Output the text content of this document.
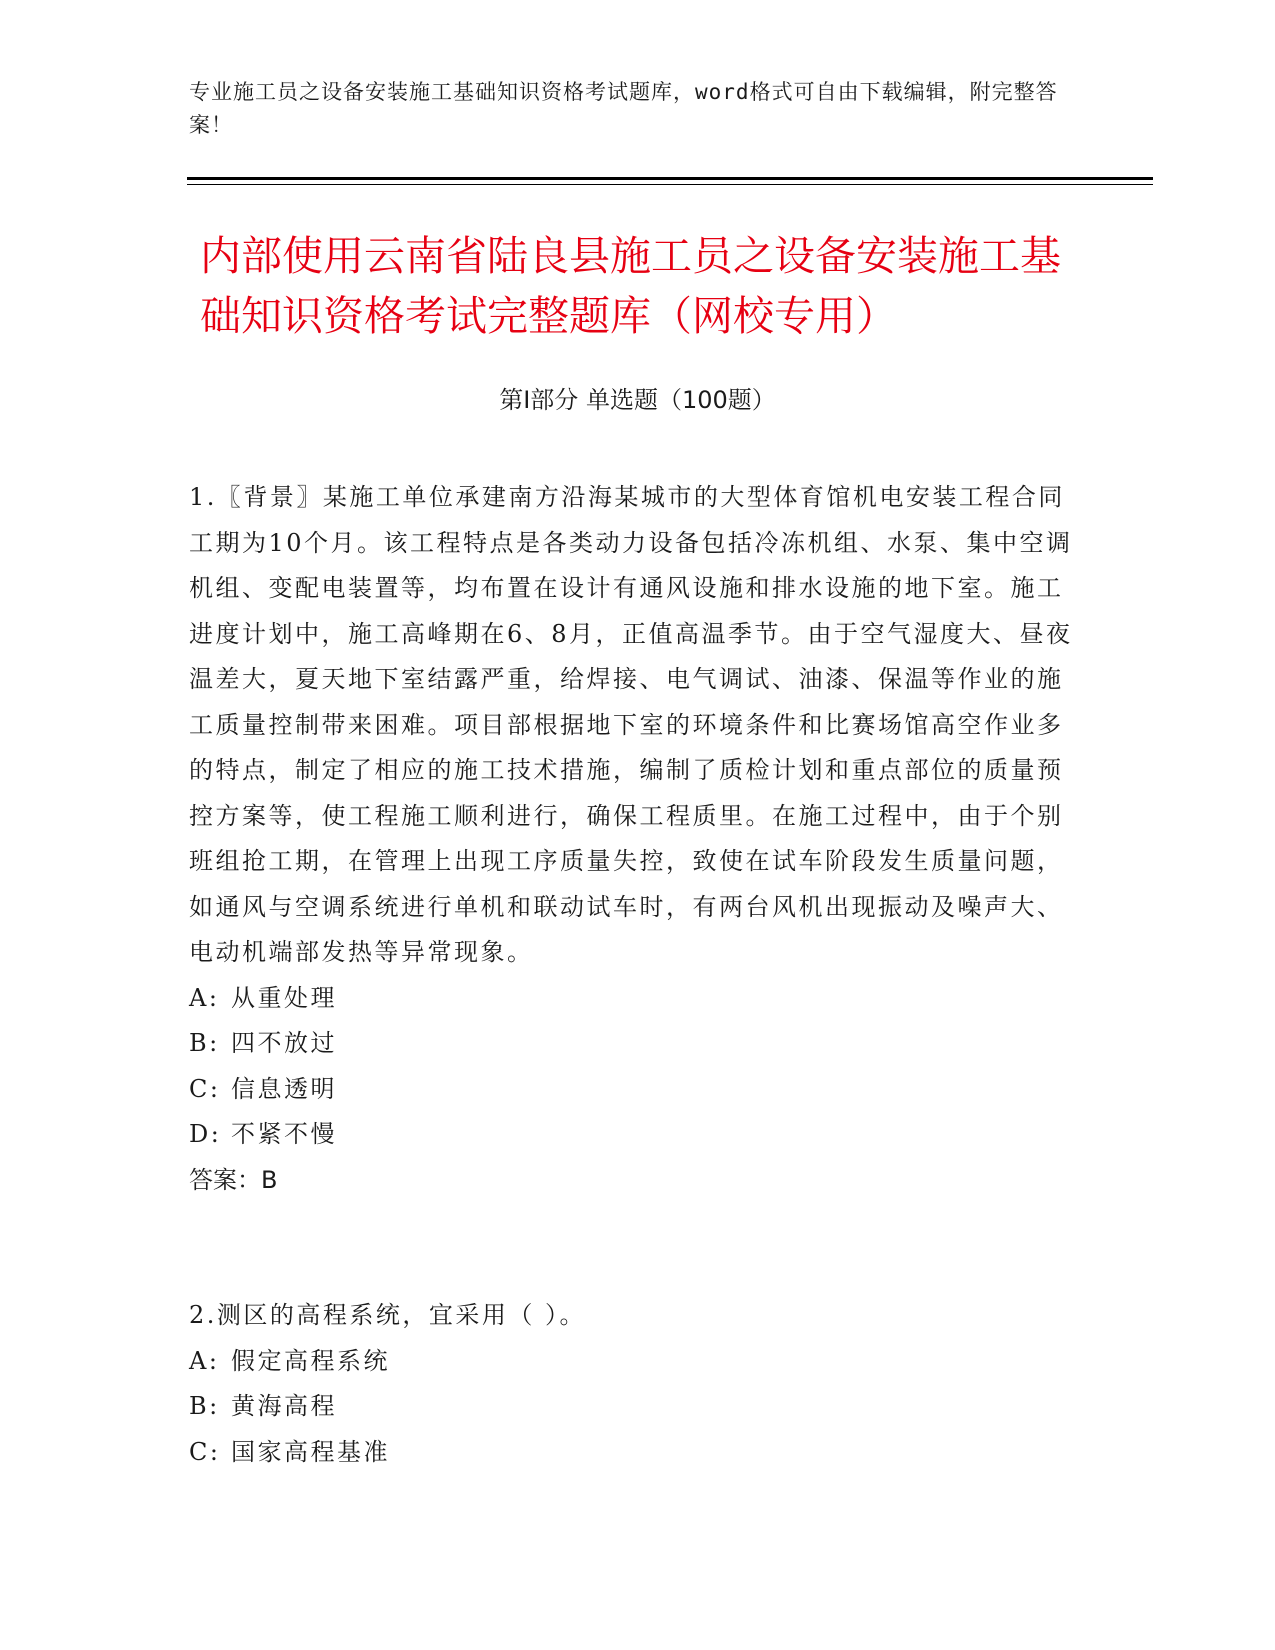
专业施工员之设备安装施工基础知识资格考试题库，word格式可自由下载编辑，附完整答案！
内部使用云南省陆良县施工员之设备安装施工基础知识资格考试完整题库（网校专用）
第Ⅰ部分 单选题（100题）

1.〖背景〗某施工单位承建南方沿海某城市的大型体育馆机电安装工程合同工期为10个月。该工程特点是各类动力设备包括冷冻机组、水泵、集中空调机组、变配电装置等，均布置在设计有通风设施和排水设施的地下室。施工进度计划中，施工高峰期在6、8月，正值高温季节。由于空气湿度大、昼夜温差大，夏天地下室结露严重，给焊接、电气调试、油漆、保温等作业的施工质量控制带来困难。项目部根据地下室的环境条件和比赛场馆高空作业多的特点，制定了相应的施工技术措施，编制了质检计划和重点部位的质量预控方案等，使工程施工顺利进行，确保工程质里。在施工过程中，由于个别班组抢工期，在管理上出现工序质量失控，致使在试车阶段发生质量问题，如通风与空调系统进行单机和联动试车时，有两台风机出现振动及噪声大、电动机端部发热等异常现象。

A: 从重处理

B: 四不放过

C: 信息透明

D: 不紧不慢

答案：B

2.测区的高程系统，宜采用（ ）。

A: 假定高程系统

B: 黄海高程

C: 国家高程基准
